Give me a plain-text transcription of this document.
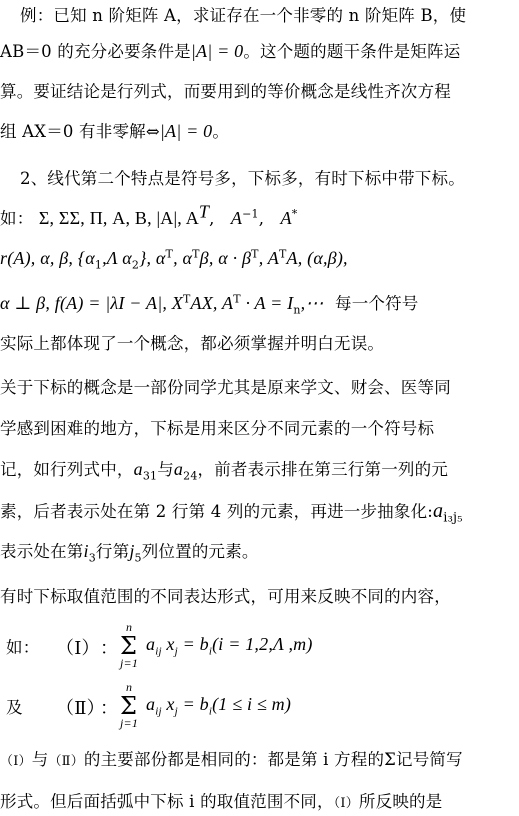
例：已知 n 阶矩阵 A，求证存在一个非零的 n 阶矩阵 B，使
AB＝0 的充分必要条件是|A| = 0。这个题的题干条件是矩阵运
算。要证结论是行列式，而要用到的等价概念是线性齐次方程
组 AX＝0 有非零解⇔|A| = 0。
2、线代第二个特点是符号多，下标多，有时下标中带下标。
如： Σ, ΣΣ, Π, A, B, |A|, $A^T$,   $A^{-1}$,   A*
r(A), α, β, {$\alpha_1,\Lambda$ $\alpha_2$}, $\alpha^T$, $\alpha^T\beta$, $\alpha \cdot \beta^T$, $A^TA$, (α,β),
α ⊥ β, f(A) = |λI − A|, $X^TAX$, $A^T \cdot A$ = $I_n,\cdots$ 每一个符号
实际上都体现了一个概念，都必须掌握并明白无误。
关于下标的概念是一部份同学尤其是原来学文、财会、医等同
学感到困难的地方，下标是用来区分不同元素的一个符号标
记，如行列式中，$a_{31}$与$a_{24}$，前者表示排在第三行第一列的元
素，后者表示处在第 2 行第 4 列的元素，再进一步抽象化$:a_{i_3j_5}$
表示处在第$i_3$行第$j_5$列位置的元素。
有时下标取值范围的不同表达形式，可用来反映不同的内容，
如： （Ⅰ） ：
n
Σ
j=1
$a_{ij}$ $x_j = b_i(i = 1,2,\Lambda$ ,m)
及 （Ⅱ）
：
n
Σ
j=1
$a_{ij}$ $x_j = b_i(1 \le i \le m)$
（Ⅰ）与（Ⅱ）的主要部份都是相同的：都是第 i 方程的Σ记号简写
形式。但后面括弧中下标 i 的取值范围不同，（Ⅰ）所反映的是
